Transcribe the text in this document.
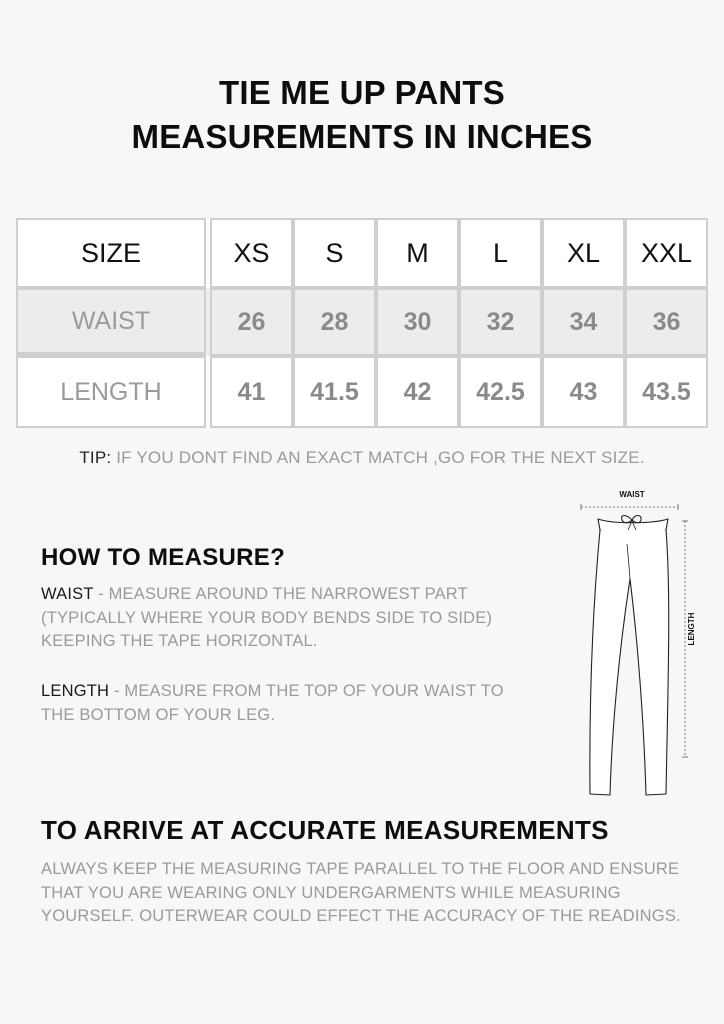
TIE ME UP PANTS
MEASUREMENTS IN INCHES
SIZE		XS	S	M	L	XL	XXL
WAIST		26	28	30	32	34	36
LENGTH		41	41.5	42	42.5	43	43.5
TIP: IF YOU DONT FIND AN EXACT MATCH ,GO FOR THE NEXT SIZE.
HOW TO MEASURE?
WAIST - MEASURE AROUND THE NARROWEST PART (TYPICALLY WHERE YOUR BODY BENDS SIDE TO SIDE) KEEPING THE TAPE HORIZONTAL.
LENGTH - MEASURE FROM THE TOP OF YOUR WAIST TO THE BOTTOM OF YOUR LEG.
WAIST
LENGTH
TO ARRIVE AT ACCURATE MEASUREMENTS
ALWAYS KEEP THE MEASURING TAPE PARALLEL TO THE FLOOR AND ENSURE THAT YOU ARE WEARING ONLY UNDERGARMENTS WHILE MEASURING YOURSELF. OUTERWEAR COULD EFFECT THE ACCURACY OF THE READINGS.
